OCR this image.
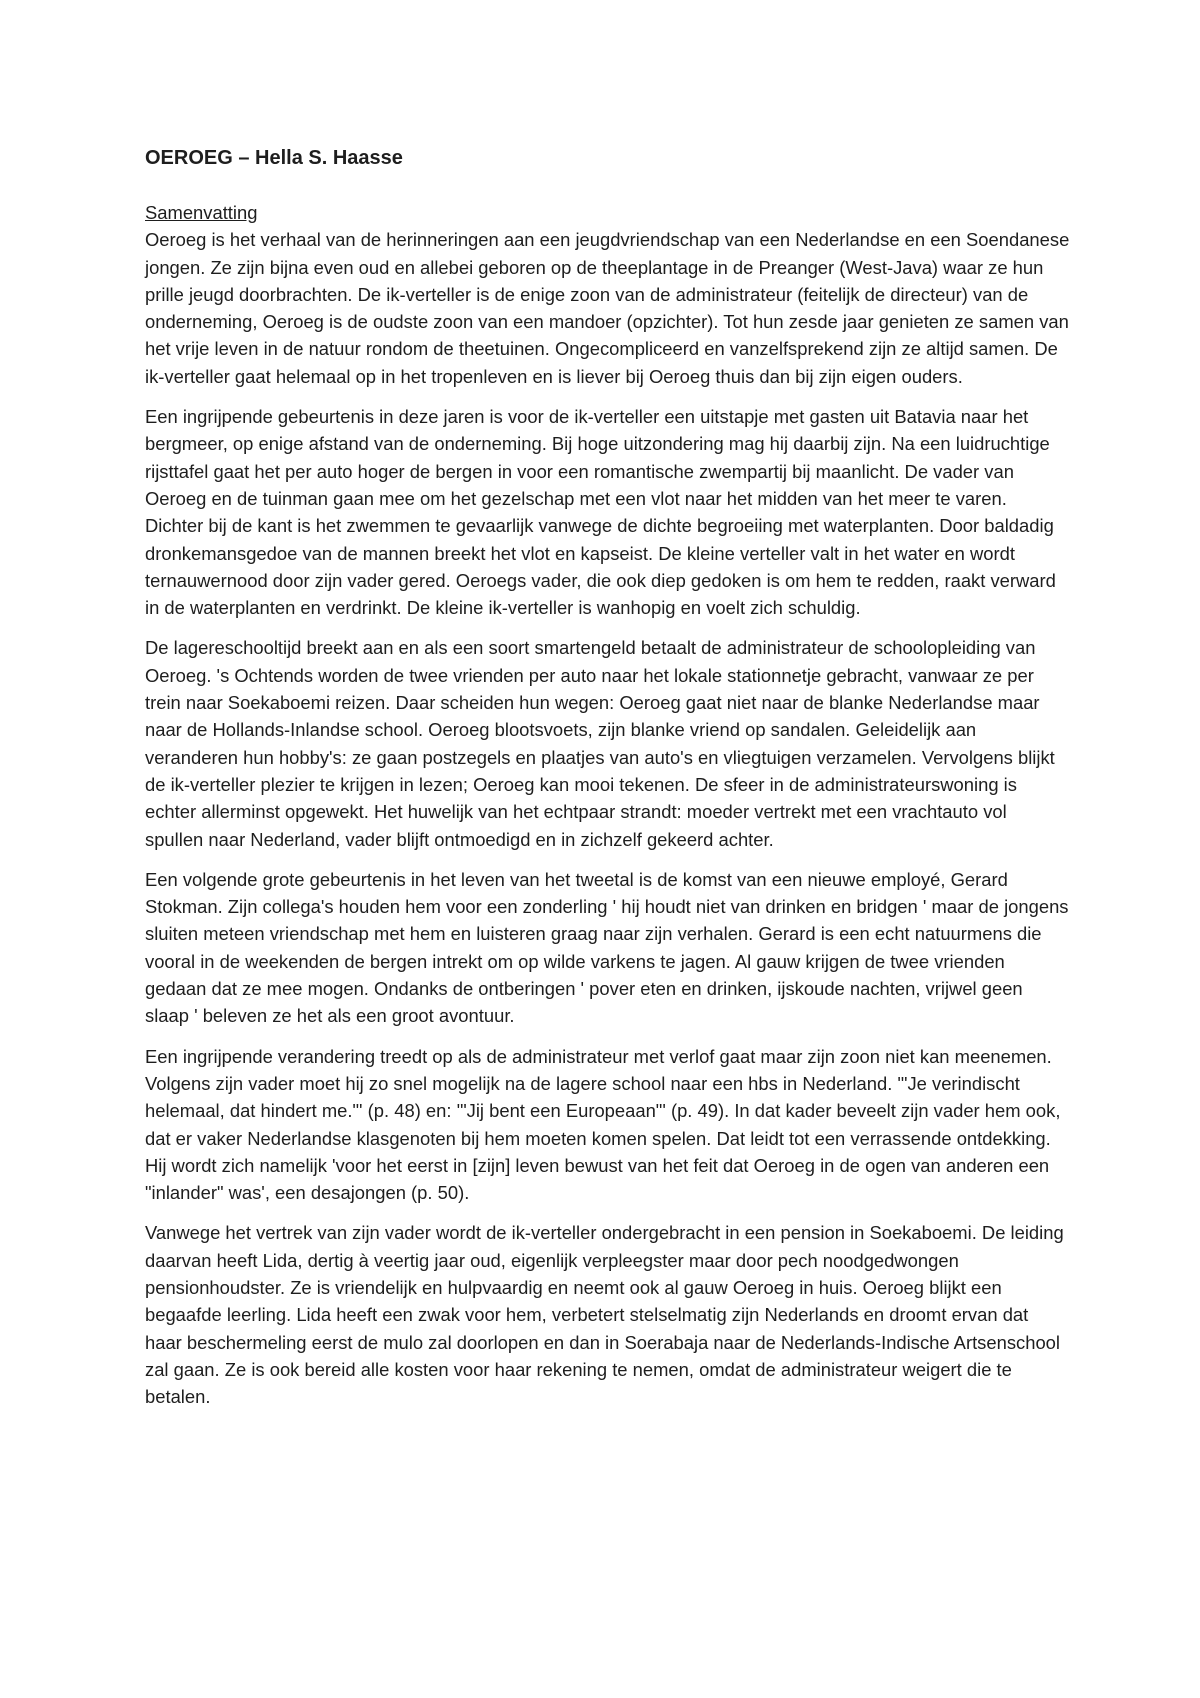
OEROEG – Hella S. Haasse
Samenvatting

Oeroeg is het verhaal van de herinneringen aan een jeugdvriendschap van een Nederlandse en een Soendanese jongen. Ze zijn bijna even oud en allebei geboren op de theeplantage in de Preanger (West-Java) waar ze hun prille jeugd doorbrachten. De ik-verteller is de enige zoon van de administrateur (feitelijk de directeur) van de onderneming, Oeroeg is de oudste zoon van een mandoer (opzichter). Tot hun zesde jaar genieten ze samen van het vrije leven in de natuur rondom de theetuinen. Ongecompliceerd en vanzelfsprekend zijn ze altijd samen. De ik-verteller gaat helemaal op in het tropenleven en is liever bij Oeroeg thuis dan bij zijn eigen ouders.

Een ingrijpende gebeurtenis in deze jaren is voor de ik-verteller een uitstapje met gasten uit Batavia naar het bergmeer, op enige afstand van de onderneming. Bij hoge uitzondering mag hij daarbij zijn. Na een luidruchtige rijsttafel gaat het per auto hoger de bergen in voor een romantische zwempartij bij maanlicht. De vader van Oeroeg en de tuinman gaan mee om het gezelschap met een vlot naar het midden van het meer te varen. Dichter bij de kant is het zwemmen te gevaarlijk vanwege de dichte begroeiing met waterplanten. Door baldadig dronkemansgedoe van de mannen breekt het vlot en kapseist. De kleine verteller valt in het water en wordt ternauwernood door zijn vader gered. Oeroegs vader, die ook diep gedoken is om hem te redden, raakt verward in de waterplanten en verdrinkt. De kleine ik-verteller is wanhopig en voelt zich schuldig.

De lagereschooltijd breekt aan en als een soort smartengeld betaalt de administrateur de schoolopleiding van Oeroeg. 's Ochtends worden de twee vrienden per auto naar het lokale stationnetje gebracht, vanwaar ze per trein naar Soekaboemi reizen. Daar scheiden hun wegen: Oeroeg gaat niet naar de blanke Nederlandse maar naar de Hollands-Inlandse school. Oeroeg blootsvoets, zijn blanke vriend op sandalen. Geleidelijk aan veranderen hun hobby's: ze gaan postzegels en plaatjes van auto's en vliegtuigen verzamelen. Vervolgens blijkt de ik-verteller plezier te krijgen in lezen; Oeroeg kan mooi tekenen. De sfeer in de administrateurswoning is echter allerminst opgewekt. Het huwelijk van het echtpaar strandt: moeder vertrekt met een vrachtauto vol spullen naar Nederland, vader blijft ontmoedigd en in zichzelf gekeerd achter.

Een volgende grote gebeurtenis in het leven van het tweetal is de komst van een nieuwe employé, Gerard Stokman. Zijn collega's houden hem voor een zonderling ' hij houdt niet van drinken en bridgen ' maar de jongens sluiten meteen vriendschap met hem en luisteren graag naar zijn verhalen. Gerard is een echt natuurmens die vooral in de weekenden de bergen intrekt om op wilde varkens te jagen. Al gauw krijgen de twee vrienden gedaan dat ze mee mogen. Ondanks de ontberingen ' pover eten en drinken, ijskoude nachten, vrijwel geen slaap ' beleven ze het als een groot avontuur.

Een ingrijpende verandering treedt op als de administrateur met verlof gaat maar zijn zoon niet kan meenemen. Volgens zijn vader moet hij zo snel mogelijk na de lagere school naar een hbs in Nederland. '"Je verindischt helemaal, dat hindert me."' (p. 48) en: '"Jij bent een Europeaan"' (p. 49). In dat kader beveelt zijn vader hem ook, dat er vaker Nederlandse klasgenoten bij hem moeten komen spelen. Dat leidt tot een verrassende ontdekking. Hij wordt zich namelijk 'voor het eerst in [zijn] leven bewust van het feit dat Oeroeg in de ogen van anderen een "inlander" was', een desajongen (p. 50).

Vanwege het vertrek van zijn vader wordt de ik-verteller ondergebracht in een pension in Soekaboemi. De leiding daarvan heeft Lida, dertig à veertig jaar oud, eigenlijk verpleegster maar door pech noodgedwongen pensionhoudster. Ze is vriendelijk en hulpvaardig en neemt ook al gauw Oeroeg in huis. Oeroeg blijkt een begaafde leerling. Lida heeft een zwak voor hem, verbetert stelselmatig zijn Nederlands en droomt ervan dat haar beschermeling eerst de mulo zal doorlopen en dan in Soerabaja naar de Nederlands-Indische Artsenschool zal gaan. Ze is ook bereid alle kosten voor haar rekening te nemen, omdat de administrateur weigert die te betalen.
